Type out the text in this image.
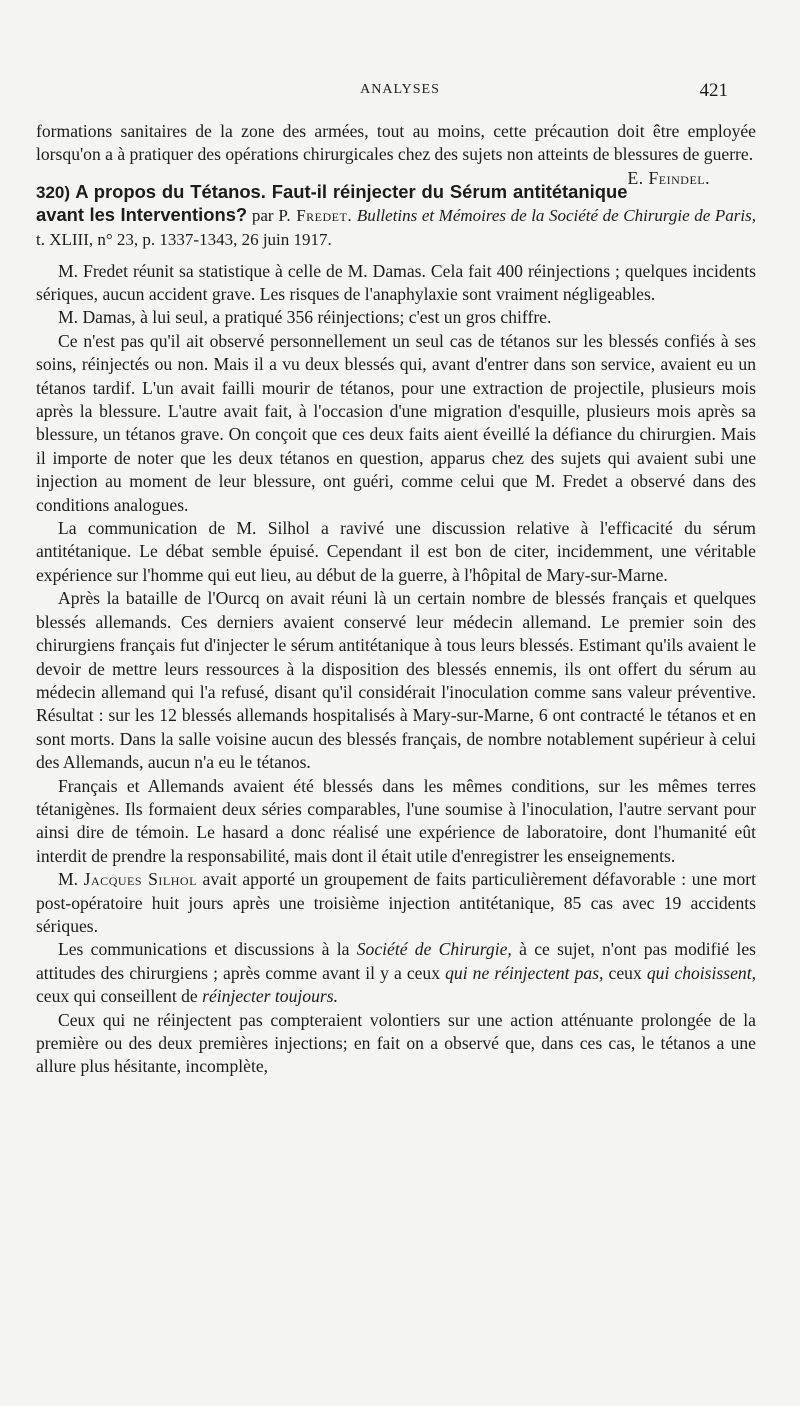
ANALYSES	421

formations sanitaires de la zone des armées, tout au moins, cette précaution doit être employée lorsqu'on a à pratiquer des opérations chirurgicales chez des sujets non atteints de blessures de guerre.
E. Feindel.

320) A propos du Tétanos. Faut-il réinjecter du Sérum antitétanique avant les Interventions? par P. Fredet. Bulletins et Mémoires de la Société de Chirurgie de Paris, t. XLIII, n° 23, p. 1337-1343, 26 juin 1917.

M. Fredet réunit sa statistique à celle de M. Damas. Cela fait 400 réinjections ; quelques incidents sériques, aucun accident grave. Les risques de l'anaphylaxie sont vraiment négligeables.

M. Damas, à lui seul, a pratiqué 356 réinjections; c'est un gros chiffre.

Ce n'est pas qu'il ait observé personnellement un seul cas de tétanos sur les blessés confiés à ses soins, réinjectés ou non. Mais il a vu deux blessés qui, avant d'entrer dans son service, avaient eu un tétanos tardif. L'un avait failli mourir de tétanos, pour une extraction de projectile, plusieurs mois après la blessure. L'autre avait fait, à l'occasion d'une migration d'esquille, plusieurs mois après sa blessure, un tétanos grave. On conçoit que ces deux faits aient éveillé la défiance du chirurgien. Mais il importe de noter que les deux tétanos en question, apparus chez des sujets qui avaient subi une injection au moment de leur blessure, ont guéri, comme celui que M. Fredet a observé dans des conditions analogues.

La communication de M. Silhol a ravivé une discussion relative à l'efficacité du sérum antitétanique. Le débat semble épuisé. Cependant il est bon de citer, incidemment, une véritable expérience sur l'homme qui eut lieu, au début de la guerre, à l'hôpital de Mary-sur-Marne.

Après la bataille de l'Ourcq on avait réuni là un certain nombre de blessés français et quelques blessés allemands. Ces derniers avaient conservé leur médecin allemand. Le premier soin des chirurgiens français fut d'injecter le sérum antitétanique à tous leurs blessés. Estimant qu'ils avaient le devoir de mettre leurs ressources à la disposition des blessés ennemis, ils ont offert du sérum au médecin allemand qui l'a refusé, disant qu'il considérait l'inoculation comme sans valeur préventive. Résultat : sur les 12 blessés allemands hospitalisés à Mary-sur-Marne, 6 ont contracté le tétanos et en sont morts. Dans la salle voisine aucun des blessés français, de nombre notablement supérieur à celui des Allemands, aucun n'a eu le tétanos.

Français et Allemands avaient été blessés dans les mêmes conditions, sur les mêmes terres tétanigènes. Ils formaient deux séries comparables, l'une soumise à l'inoculation, l'autre servant pour ainsi dire de témoin. Le hasard a donc réalisé une expérience de laboratoire, dont l'humanité eût interdit de prendre la responsabilité, mais dont il était utile d'enregistrer les enseignements.

M. Jacques Silhol avait apporté un groupement de faits particulièrement défavorable : une mort post-opératoire huit jours après une troisième injection antitétanique, 85 cas avec 19 accidents sériques.

Les communications et discussions à la Société de Chirurgie, à ce sujet, n'ont pas modifié les attitudes des chirurgiens ; après comme avant il y a ceux qui ne réinjectent pas, ceux qui choisissent, ceux qui conseillent de réinjecter toujours.

Ceux qui ne réinjectent pas compteraient volontiers sur une action atténuante prolongée de la première ou des deux premières injections; en fait on a observé que, dans ces cas, le tétanos a une allure plus hésitante, incomplète,
